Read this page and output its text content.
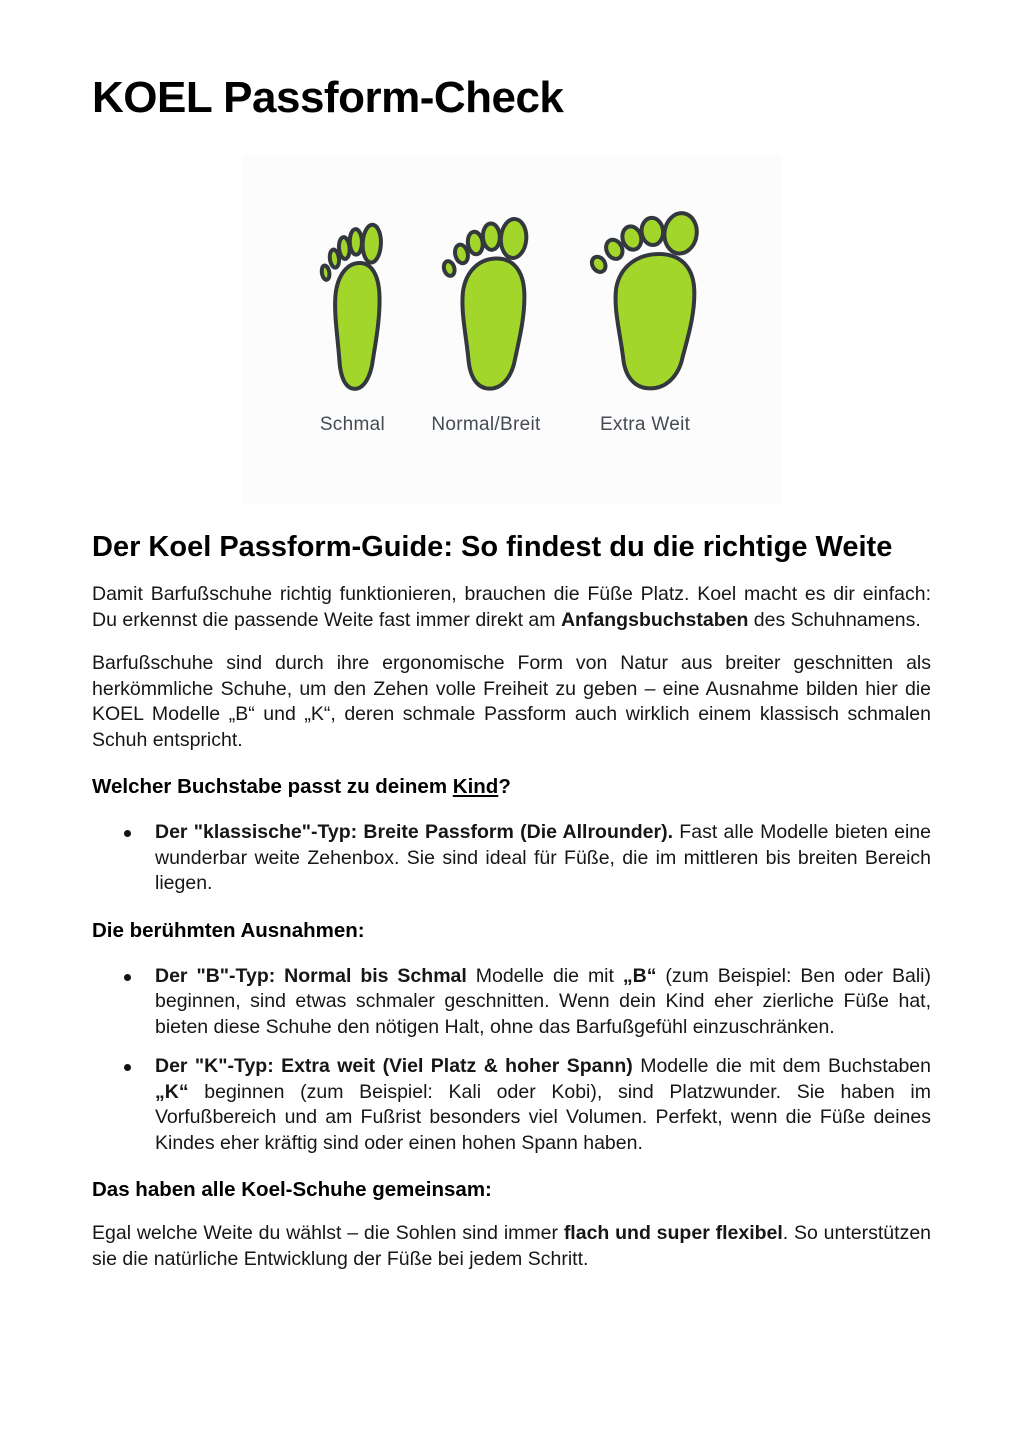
KOEL Passform-Check
Schmal Normal/Breit	Extra Weit
Der Koel Passform-Guide: So findest du die richtige Weite

Damit Barfußschuhe richtig funktionieren, brauchen die Füße Platz. Koel macht es dir einfach: Du erkennst die passende Weite fast immer direkt am Anfangsbuchstaben des Schuhnamens.

Barfußschuhe sind durch ihre ergonomische Form von Natur aus breiter geschnitten als herkömmliche Schuhe, um den Zehen volle Freiheit zu geben – eine Ausnahme bilden hier die KOEL Modelle „B“ und „K“, deren schmale Passform auch wirklich einem klassisch schmalen Schuh entspricht.

Welcher Buchstabe passt zu deinem Kind?
Der "klassische"-Typ: Breite Passform (Die Allrounder). Fast alle Modelle bieten eine wunderbar weite Zehenbox. Sie sind ideal für Füße, die im mittleren bis breiten Bereich liegen.
Die berühmten Ausnahmen:
Der "B"-Typ: Normal bis Schmal Modelle die mit „B“ (zum Beispiel: Ben oder Bali) beginnen, sind etwas schmaler geschnitten. Wenn dein Kind eher zierliche Füße hat, bieten diese Schuhe den nötigen Halt, ohne das Barfußgefühl einzuschränken.
Der "K"-Typ: Extra weit (Viel Platz & hoher Spann) Modelle die mit dem Buchstaben „K“ beginnen (zum Beispiel: Kali oder Kobi), sind Platzwunder. Sie haben im Vorfußbereich und am Fußrist besonders viel Volumen. Perfekt, wenn die Füße deines Kindes eher kräftig sind oder einen hohen Spann haben.
Das haben alle Koel-Schuhe gemeinsam:

Egal welche Weite du wählst – die Sohlen sind immer flach und super flexibel. So unterstützen sie die natürliche Entwicklung der Füße bei jedem Schritt.
